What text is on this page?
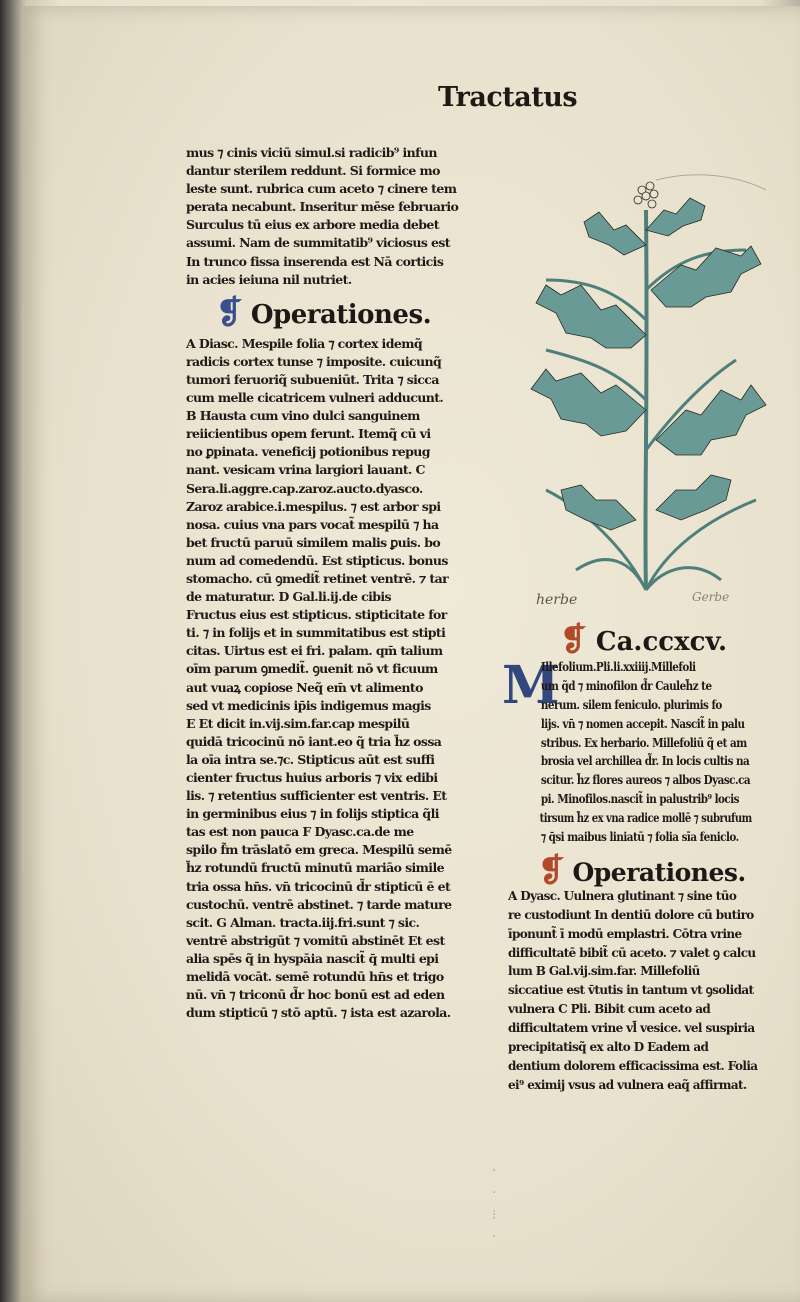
Tractatus
mus ⁊ cinis viciū simul.si radicib⁹ infun
dantur sterilem reddunt. Si formice mo
leste sunt. rubrica cum aceto ⁊ cinere tem
perata necabunt. Inseritur mēse februario
Surculus tū eius ex arbore media debet
assumi. Nam de summitatib⁹ viciosus est
In trunco fissa inserenda est Nā corticis
in acies ieiuna nil nutriet.
❡ Operationes.
A Diasc. Mespile folia ⁊ cortex idemq̃
radicis cortex tunse ⁊ imposite. cuicunq̃
tumori feruoriq̃ subueniūt. Trita ⁊ sicca
cum melle cicatricem vulneri adducunt.
B Hausta cum vino dulci sanguinem
reiicientibus opem ferunt. Itemq̃ cū vi
no ꝑpinata. veneficij potionibus repug
nant. vesicam vrina largiori lauant. C
Sera.li.aggre.cap.zaroz.aucto.dyasco.
Zaroz arabice.i.mespilus. ⁊ est arbor spi
nosa. cuius vna pars vocat̃ mespilū ⁊ ha
bet fructū paruū similem malis ꝑuis. bo
num ad comedendū. Est stipticus. bonus
stomacho. cū ꝯmedit̃ retinet ventrē. ⁊ tar
de maturatur. D Gal.li.ij.de cibis
Fructus eius est stipticus. stipticitate for
ti. ⁊ in folijs et in summitatibus est stipti
citas. Uirtus est ei fri. palam. qm̄ talium
oīm parum ꝯmedit̃. ꝯuenit nō vt ficuum
aut vuaꝝ copiose Neq̃ em̄ vt alimento
sed vt medicinis ip̄is indigemus magis
E Et dicit in.vij.sim.far.cap mespilū
quidā tricocinū nō iant.eo q̃ tria h̃z ossa
la oīa intra se.⁊c. Stipticus aūt est suffi
cienter fructus huius arboris ⁊ vix edibi
lis. ⁊ retentius sufficienter est ventris. Et
in germinibus eius ⁊ in folijs stiptica q̃li
tas est non pauca F Dyasc.ca.de me
spilo f̃m trāslatō em greca. Mespilū semē
h̃z rotundū fructū minutū mariāo simile
tria ossa hn̄s. vn̄ tricocinū d̃r stipticū ē et
custochū. ventrē abstinet. ⁊ tarde mature
scit. G Alman. tracta.iij.fri.sunt ⁊ sic.
ventrē abstrigūt ⁊ vomitū abstinēt Et est
alia spēs q̃ in hyspāia nascit̃ q̄ multi epi
melidā vocāt. semē rotundū hn̄s et trigo
nū. vn̄ ⁊ triconū d̃r hoc bonū est ad eden
dum stipticū ⁊ stō aptū. ⁊ ista est azarola.
herbe	Gerbe
❡ Ca.ccxcv.
M
Illefolium.Pli.li.xxiiij.Millefoli
um q̃d ⁊ minofilon d̃r Cauleh̃z te
nerum. silem feniculo. plurimis fo
lijs. vn̄ ⁊ nomen accepit. Nascit̃ in palu
stribus. Ex herbario. Millefoliū q̃ et am
brosia vel archillea d̃r. In locis cultis na
scitur. h̃z flores aureos ⁊ albos Dyasc.ca
pi. Minofilos.nascit̃ in palustrib⁹ locis
tirsum h̃z ex vna radice mollē ⁊ subrufum
⁊ q̄si maibus liniatū ⁊ folia sīa feniclo.
❡ Operationes.
A Dyasc. Uulnera glutinant ⁊ sine tūo
re custodiunt In dentiū dolore cū butiro
īponunt̃ ī modū emplastri. Cōtra vrine
difficultatē bibit̃ cū aceto. ⁊ valet ꝯ calcu
lum B Gal.vij.sim.far. Millefoliū
siccatiue est v̄tutis in tantum vt ꝯsolidat
vulnera C Pli. Bibit cum aceto ad
difficultatem vrine vl̄ vesice. vel suspiria
precipitatisq̃ ex alto D Eadem ad
dentium dolorem efficacissima est. Folia
ei⁹ eximij vsus ad vulnera eaq̃ affirmat.
·
·
⁝
·
